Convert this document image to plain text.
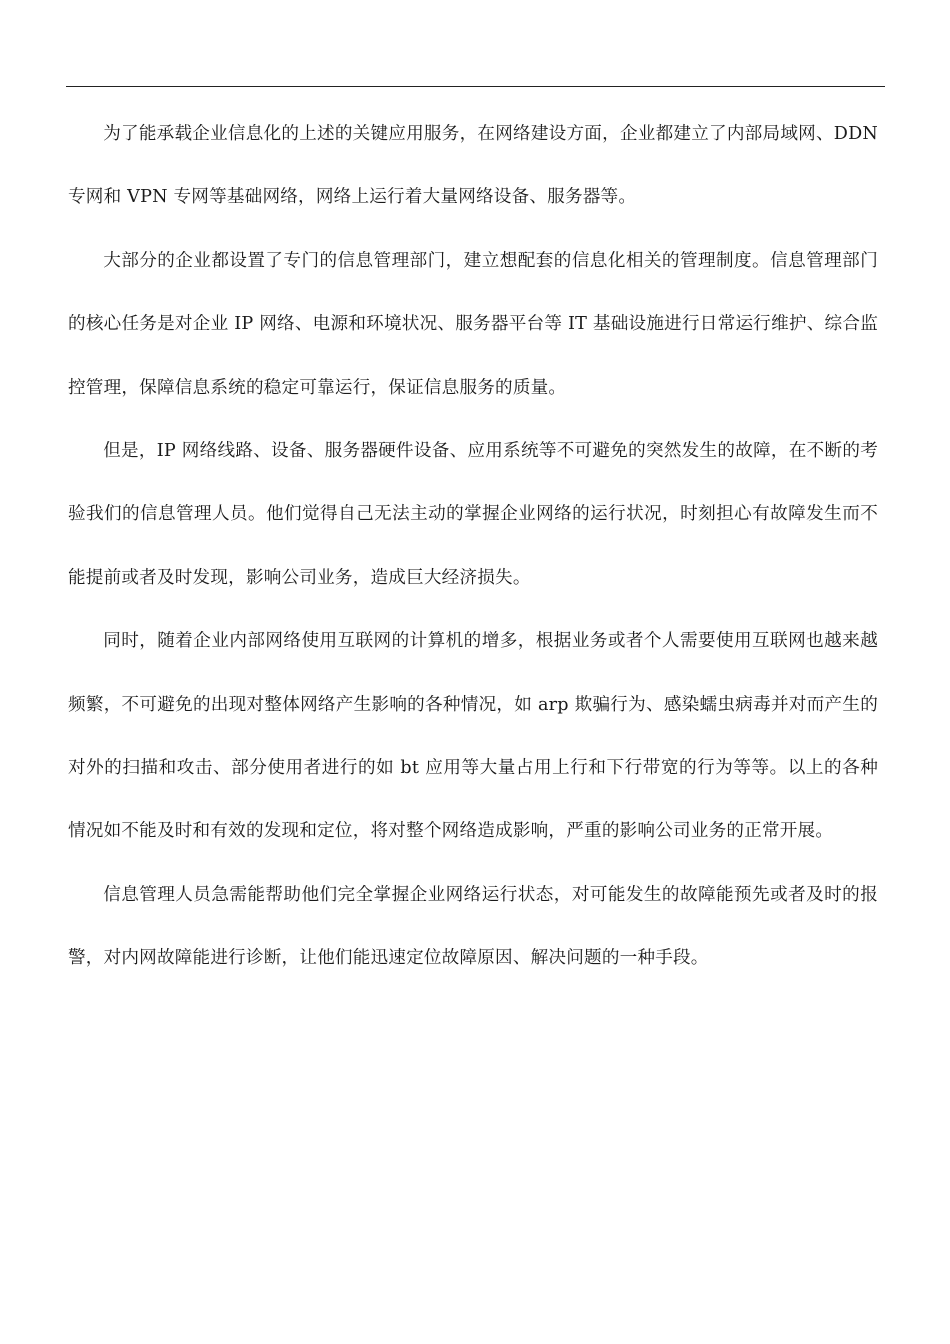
为了能承载企业信息化的上述的关键应用服务，在网络建设方面，企业都建立了内部局域网、DDN 专网和 VPN 专网等基础网络，网络上运行着大量网络设备、服务器等。

大部分的企业都设置了专门的信息管理部门，建立想配套的信息化相关的管理制度。信息管理部门的核心任务是对企业 IP 网络、电源和环境状况、服务器平台等 IT 基础设施进行日常运行维护、综合监控管理，保障信息系统的稳定可靠运行，保证信息服务的质量。

但是，IP 网络线路、设备、服务器硬件设备、应用系统等不可避免的突然发生的故障，在不断的考验我们的信息管理人员。他们觉得自己无法主动的掌握企业网络的运行状况，时刻担心有故障发生而不能提前或者及时发现，影响公司业务，造成巨大经济损失。

同时，随着企业内部网络使用互联网的计算机的增多，根据业务或者个人需要使用互联网也越来越频繁，不可避免的出现对整体网络产生影响的各种情况，如 arp 欺骗行为、感染蠕虫病毒并对而产生的对外的扫描和攻击、部分使用者进行的如 bt 应用等大量占用上行和下行带宽的行为等等。以上的各种情况如不能及时和有效的发现和定位，将对整个网络造成影响，严重的影响公司业务的正常开展。

信息管理人员急需能帮助他们完全掌握企业网络运行状态，对可能发生的故障能预先或者及时的报警，对内网故障能进行诊断，让他们能迅速定位故障原因、解决问题的一种手段。
